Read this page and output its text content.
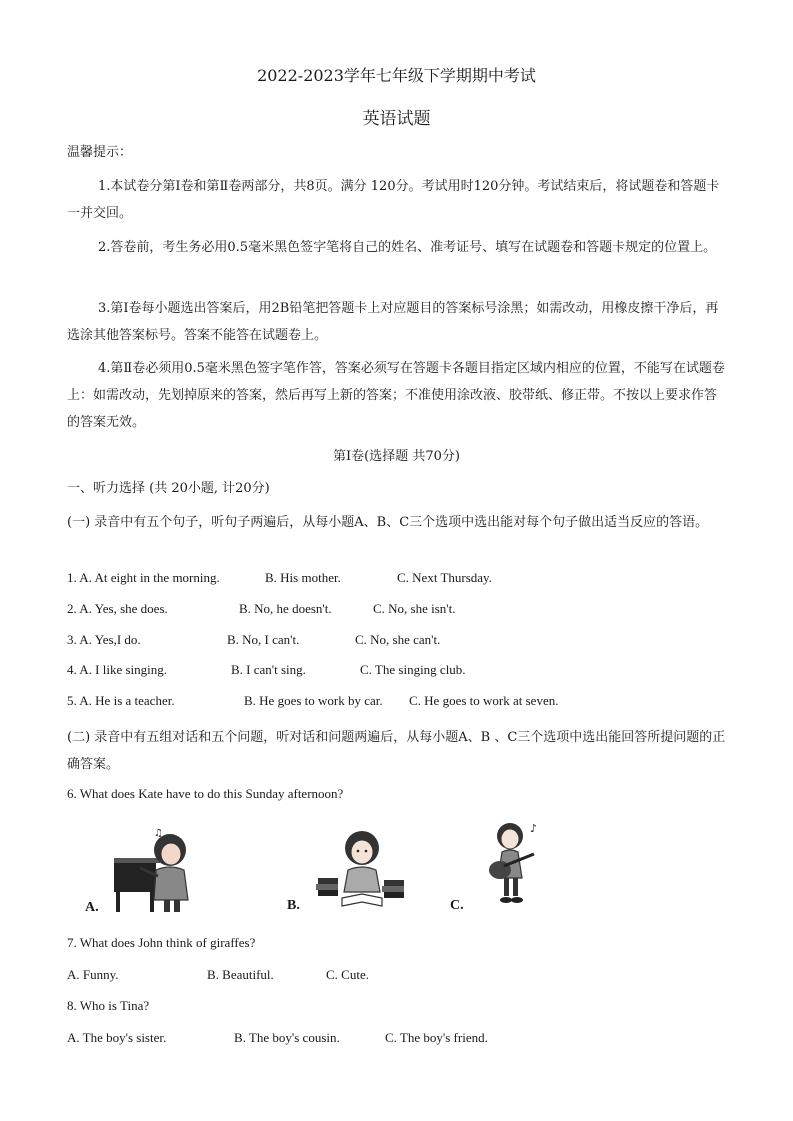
2022-2023学年七年级下学期期中考试
英语试题
温馨提示：
1.本试卷分第Ⅰ卷和第Ⅱ卷两部分，共8页。满分 120分。考试用时120分钟。考试结束后，将试题卷和答题卡一并交回。
2.答卷前，考生务必用0.5毫米黑色签字笔将自己的姓名、准考证号、填写在试题卷和答题卡规定的位置上。
3.第Ⅰ卷每小题选出答案后，用2B铅笔把答题卡上对应题目的答案标号涂黑；如需改动，用橡皮擦干净后，再选涂其他答案标号。答案不能答在试题卷上。
4.第Ⅱ卷必须用0.5毫米黑色签字笔作答，答案必须写在答题卡各题目指定区域内相应的位置，不能写在试题卷上：如需改动，先划掉原来的答案，然后再写上新的答案；不准使用涂改液、胶带纸、修正带。不按以上要求作答的答案无效。
第Ⅰ卷(选择题 共70分)
一、听力选择 (共 20小题, 计20分)
(一) 录音中有五个句子，听句子两遍后，从每小题A、B、C三个选项中选出能对每个句子做出适当反应的答语。
1. A. At eight in the morning.	B. His mother.	C. Next Thursday.
2. A. Yes, she does.	B. No, he doesn't.	C. No, she isn't.
3. A. Yes,I do.	B. No, I can't.	C. No, she can't.
4. A. I like singing.	B. I can't sing.	C. The singing club.
5. A. He is a teacher.	B. He goes to work by car. C. He goes to work at seven.
(二) 录音中有五组对话和五个问题，听对话和问题两遍后，从每小题A、B 、C三个选项中选出能回答所提问题的正确答案。
6. What does Kate have to do this Sunday afternoon?
♫
A.	B.
♪
C.
7. What does John think of giraffes?
A. Funny.	B. Beautiful.	C. Cute.
8. Who is Tina?
A. The boy's sister.	B. The boy's cousin.	C. The boy's friend.
